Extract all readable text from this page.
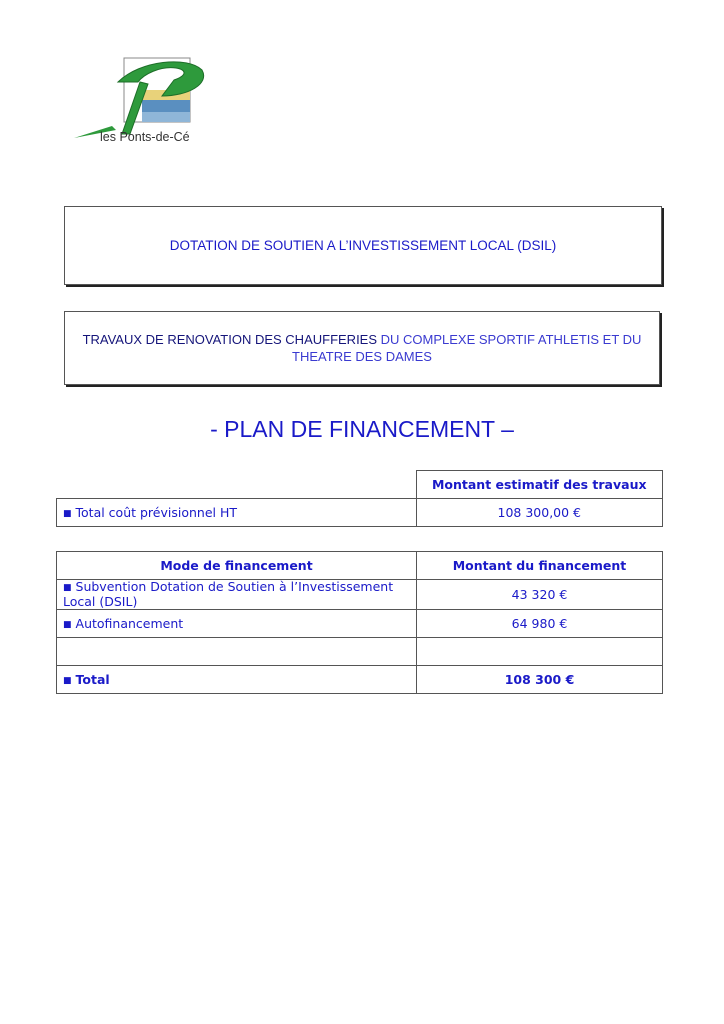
les Ponts-de-Cé
DOTATION DE SOUTIEN A L’INVESTISSEMENT LOCAL (DSIL)
TRAVAUX DE RENOVATION DES CHAUFFERIES DU COMPLEXE SPORTIF ATHLETIS ET DU THEATRE DES DAMES
- PLAN DE FINANCEMENT –
	Montant estimatif des travaux
■ Total coût prévisionnel HT	108 300,00 €
Mode de financement	Montant du financement
■ Subvention Dotation de Soutien à l’Investissement Local (DSIL)	43 320 €
■ Autofinancement	64 980 €

■ Total	108 300 €
